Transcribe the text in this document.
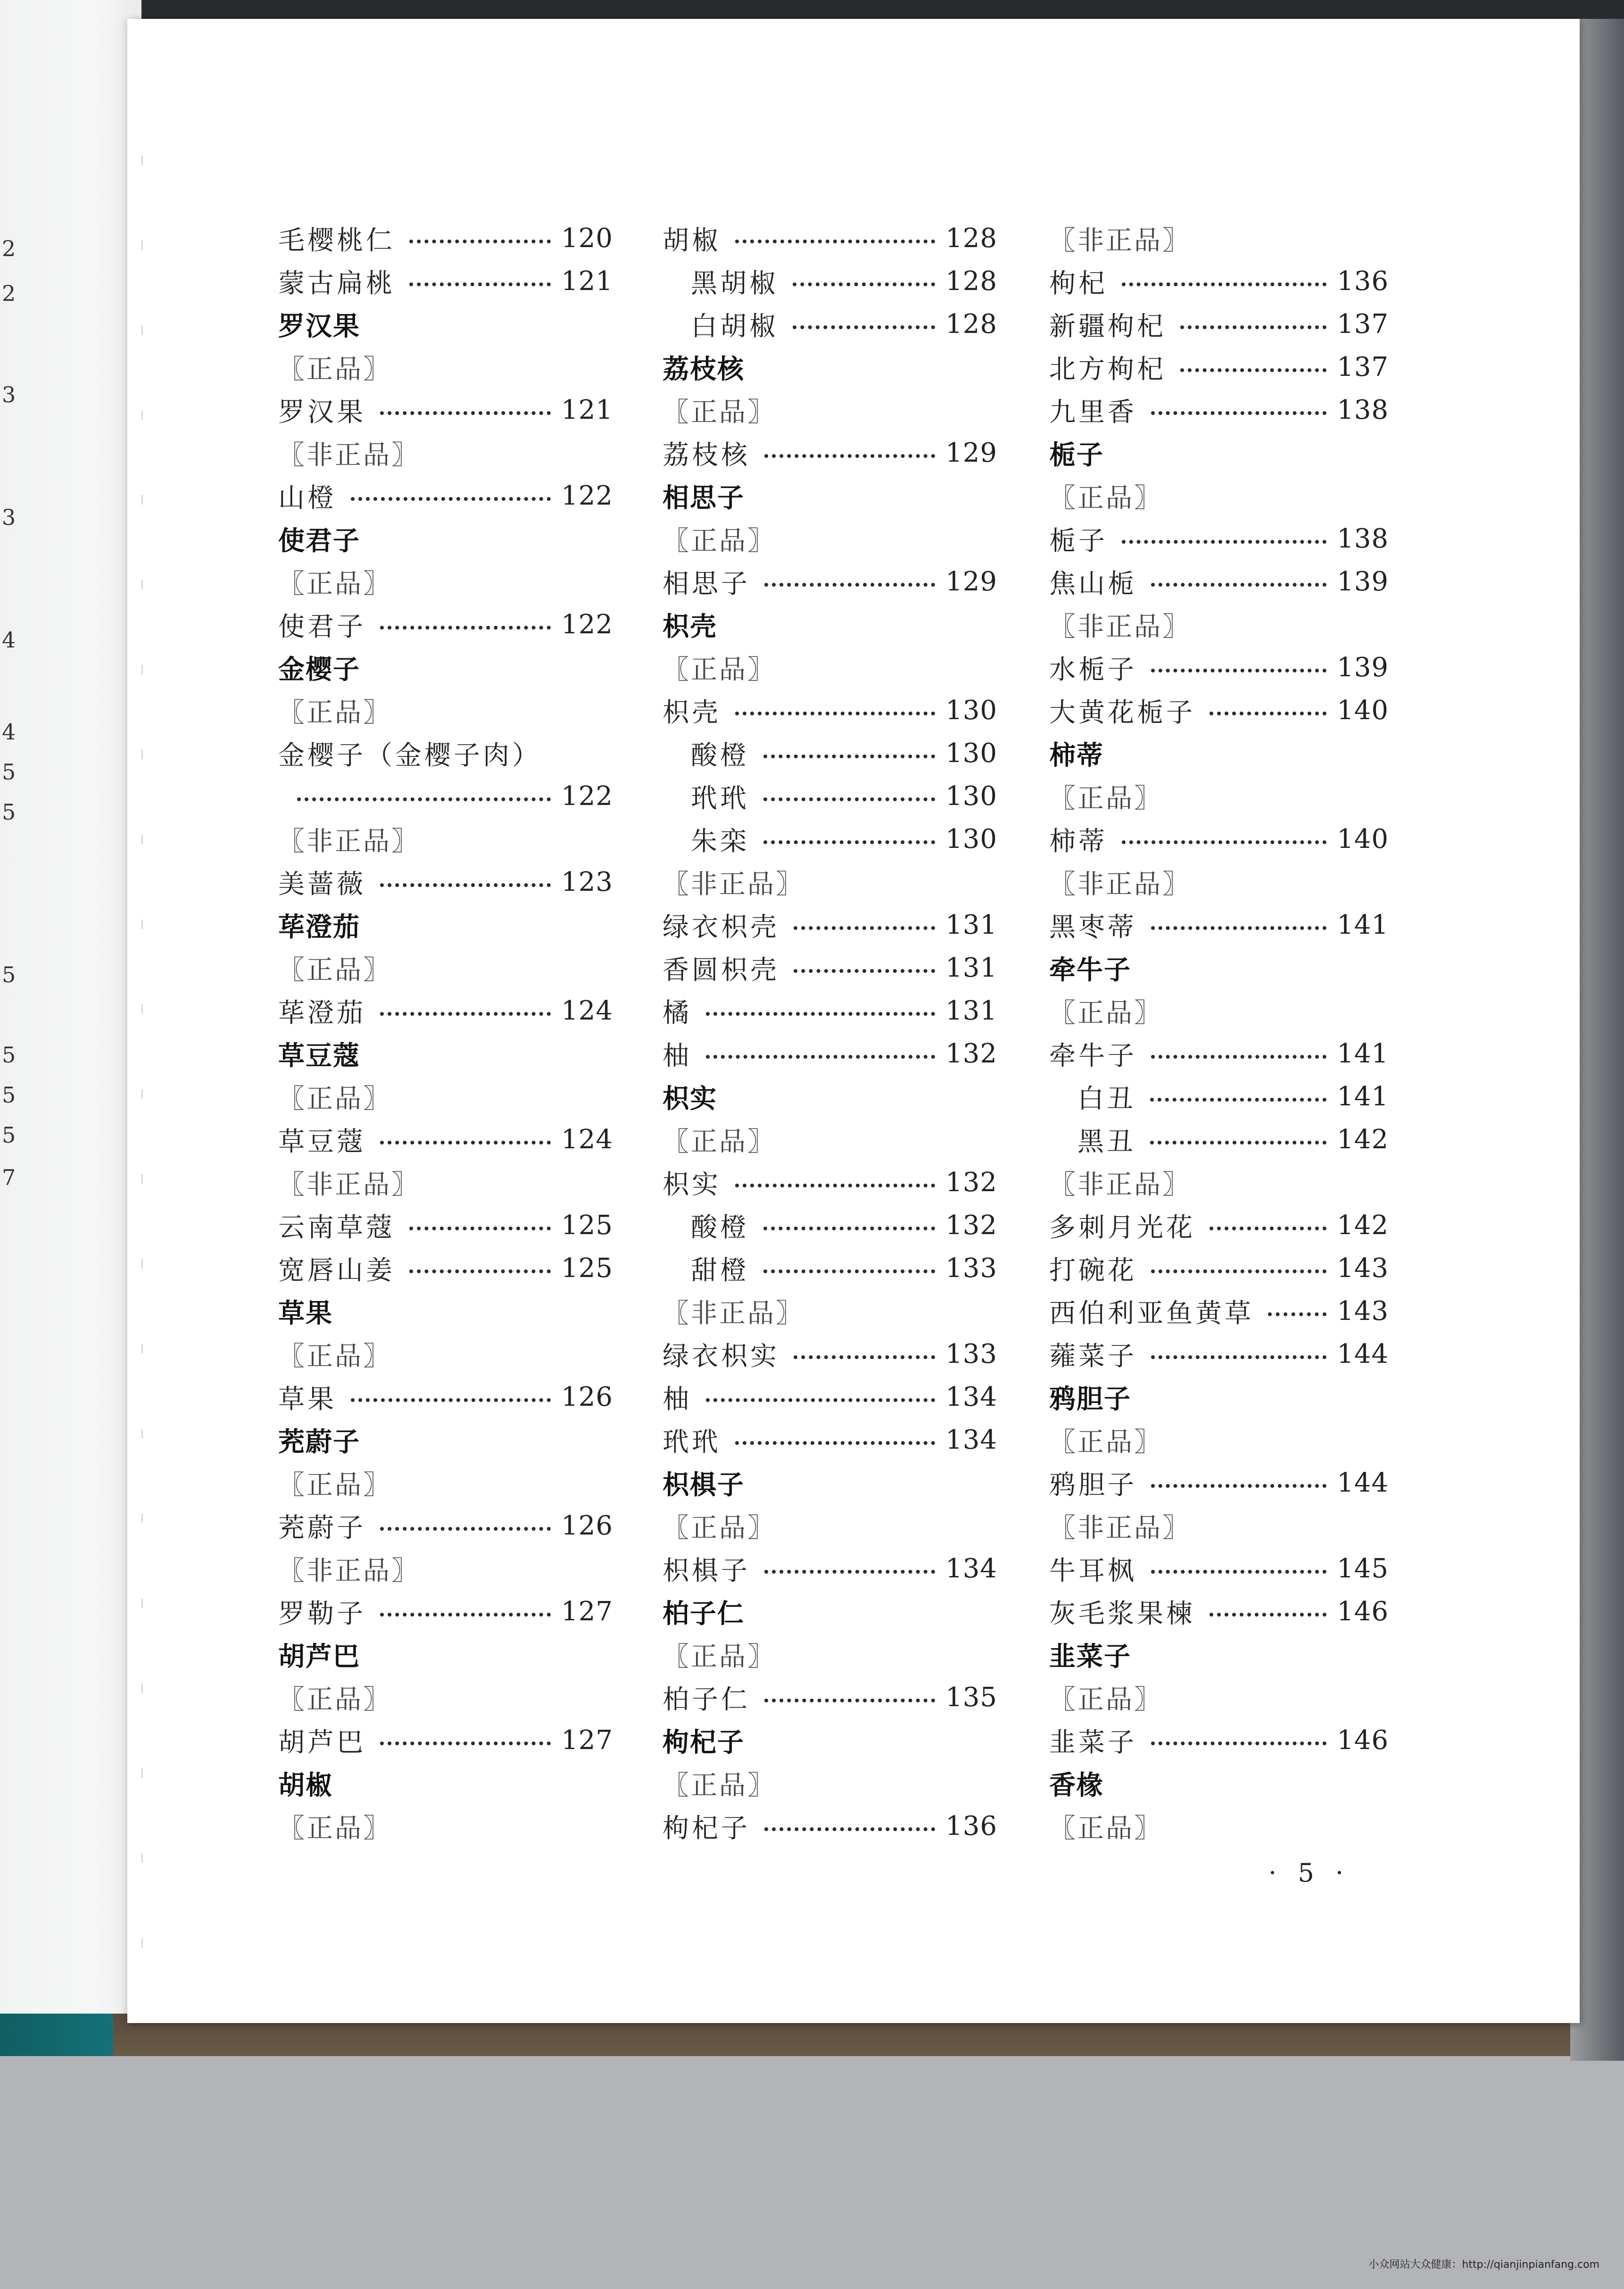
2
2
3
3
4
4
5
5
5
5
5
5
7
毛樱桃仁	120
蒙古扁桃	121
罗汉果
〖正品〗
罗汉果	121
〖非正品〗
山橙	122
使君子
〖正品〗
使君子	122
金樱子
〖正品〗
金樱子（金樱子肉）
122
〖非正品〗
美蔷薇	123
荜澄茄
〖正品〗
荜澄茄	124
草豆蔻
〖正品〗
草豆蔻	124
〖非正品〗
云南草蔻	125
宽唇山姜	125
草果
〖正品〗
草果	126
茺蔚子
〖正品〗
茺蔚子	126
〖非正品〗
罗勒子	127
胡芦巴
〖正品〗
胡芦巴	127
胡椒
〖正品〗
胡椒	128
黑胡椒	128
白胡椒	128
荔枝核
〖正品〗
荔枝核	129
相思子
〖正品〗
相思子	129
枳壳
〖正品〗
枳壳	130
酸橙	130
玳玳	130
朱栾	130
〖非正品〗
绿衣枳壳	131
香圆枳壳	131
橘	131
柚	132
枳实
〖正品〗
枳实	132
酸橙	132
甜橙	133
〖非正品〗
绿衣枳实	133
柚	134
玳玳	134
枳椇子
〖正品〗
枳椇子	134
柏子仁
〖正品〗
柏子仁	135
枸杞子
〖正品〗
枸杞子	136
〖非正品〗
枸杞	136
新疆枸杞	137
北方枸杞	137
九里香	138
栀子
〖正品〗
栀子	138
焦山栀	139
〖非正品〗
水栀子	139
大黄花栀子	140
柿蒂
〖正品〗
柿蒂	140
〖非正品〗
黑枣蒂	141
牵牛子
〖正品〗
牵牛子	141
白丑	141
黑丑	142
〖非正品〗
多刺月光花	142
打碗花	143
西伯利亚鱼黄草	143
蕹菜子	144
鸦胆子
〖正品〗
鸦胆子	144
〖非正品〗
牛耳枫	145
灰毛浆果楝	146
韭菜子
〖正品〗
韭菜子	146
香椽
〖正品〗
· 5 ·
小众网站大众健康：http://qianjinpianfang.com
